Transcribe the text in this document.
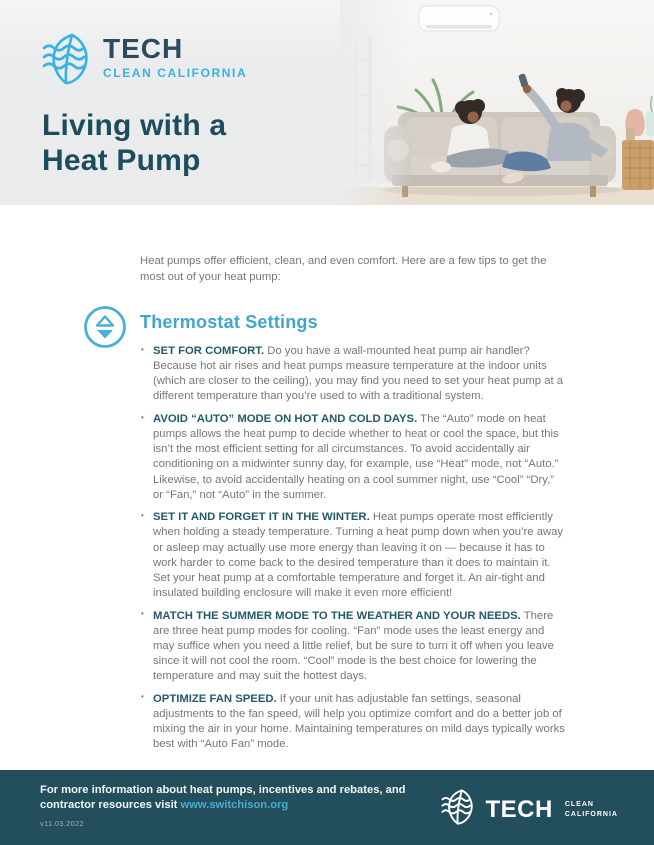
TECH
CLEAN CALIFORNIA
Living with a
Heat Pump

Heat pumps offer efficient, clean, and even comfort. Here are a few tips to get the most out of your heat pump:

Thermostat Settings
• SET FOR COMFORT. Do you have a wall-mounted heat pump air handler? Because hot air rises and heat pumps measure temperature at the indoor units (which are closer to the ceiling), you may find you need to set your heat pump at a different temperature than you’re used to with a traditional system.
• AVOID “AUTO” MODE ON HOT AND COLD DAYS. The “Auto” mode on heat pumps allows the heat pump to decide whether to heat or cool the space, but this isn’t the most efficient setting for all circumstances. To avoid accidentally air conditioning on a midwinter sunny day, for example, use “Heat” mode, not “Auto.” Likewise, to avoid accidentally heating on a cool summer night, use “Cool” “Dry,” or “Fan,” not “Auto” in the summer.
• SET IT AND FORGET IT IN THE WINTER. Heat pumps operate most efficiently when holding a steady temperature. Turning a heat pump down when you’re away or asleep may actually use more energy than leaving it on — because it has to work harder to come back to the desired temperature than it does to maintain it. Set your heat pump at a comfortable temperature and forget it. An air-tight and insulated building enclosure will make it even more efficient!
• MATCH THE SUMMER MODE TO THE WEATHER AND YOUR NEEDS. There are three heat pump modes for cooling. “Fan” mode uses the least energy and may suffice when you need a little relief, but be sure to turn it off when you leave since it will not cool the room. “Cool” mode is the best choice for lowering the temperature and may suit the hottest days.
• OPTIMIZE FAN SPEED. If your unit has adjustable fan settings, seasonal adjustments to the fan speed, will help you optimize comfort and do a better job of mixing the air in your home. Maintaining temperatures on mild days typically works best with “Auto Fan” mode.
For more information about heat pumps, incentives and rebates, and contractor resources visit www.switchison.org
v11.03.2022
TECH CLEAN
CALIFORNIA
